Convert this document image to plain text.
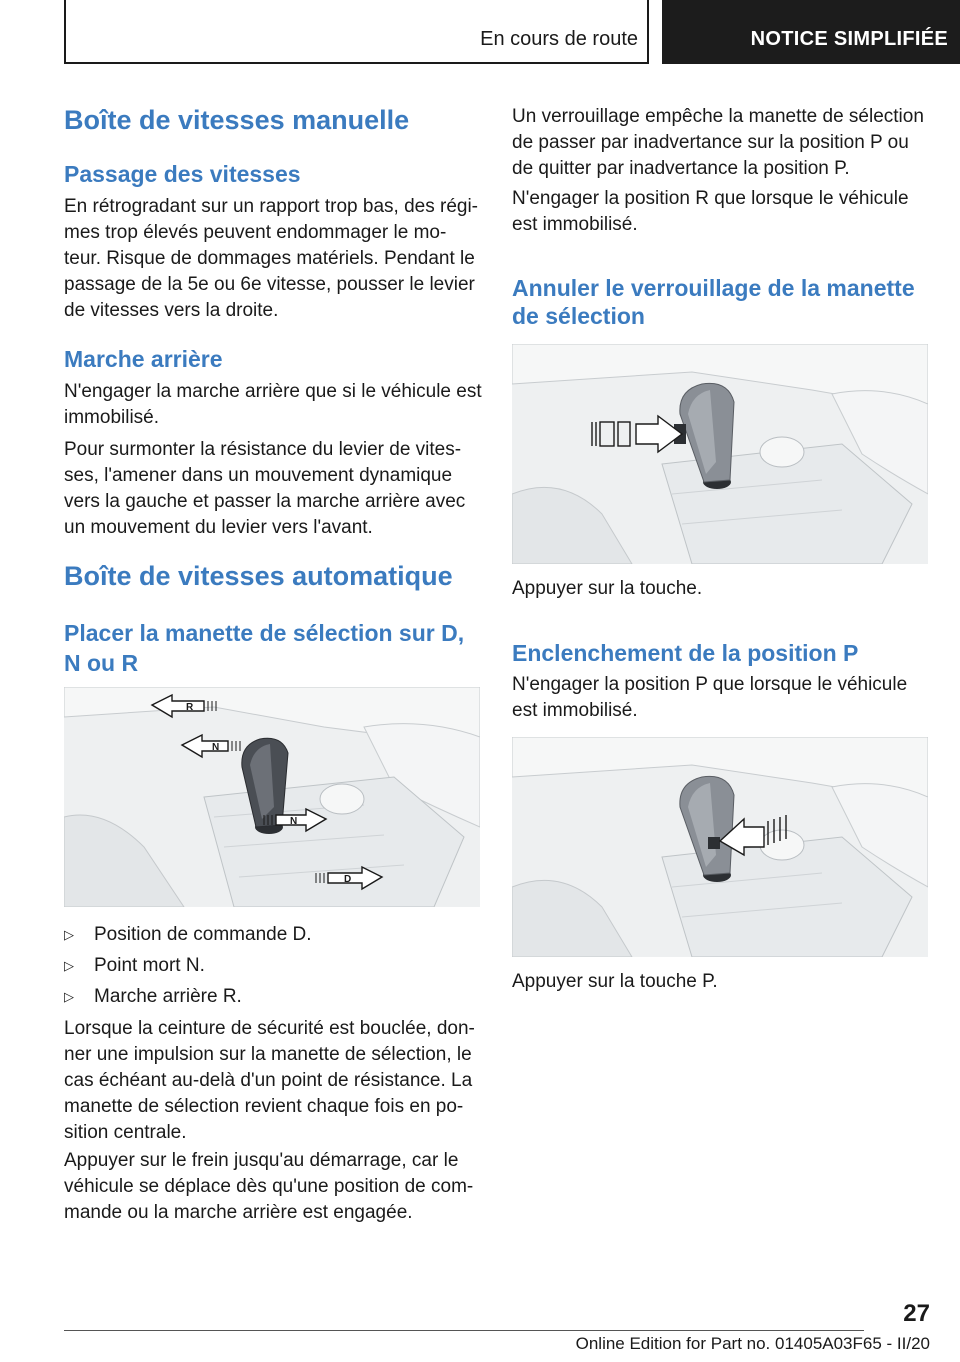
En cours de route	NOTICE SIMPLIFIÉE
Boîte de vitesses manuelle
Passage des vitesses

En rétrogradant sur un rapport trop bas, des régi-
mes trop élevés peuvent endommager le mo-
teur. Risque de dommages matériels. Pendant le
passage de la 5e ou 6e vitesse, pousser le levier
de vitesses vers la droite.

Marche arrière

N'engager la marche arrière que si le véhicule est
immobilisé.

Pour surmonter la résistance du levier de vites-
ses, l'amener dans un mouvement dynamique
vers la gauche et passer la marche arrière avec
un mouvement du levier vers l'avant.

Boîte de vitesses automatique
Placer la manette de sélection sur D,
N ou R
R
N
N
D
▷	Position de commande D.
▷	Point mort N.
▷	Marche arrière R.

Lorsque la ceinture de sécurité est bouclée, don-
ner une impulsion sur la manette de sélection, le
cas échéant au-delà d'un point de résistance. La
manette de sélection revient chaque fois en po-
sition centrale.

Appuyer sur le frein jusqu'au démarrage, car le
véhicule se déplace dès qu'une position de com-
mande ou la marche arrière est engagée.

Un verrouillage empêche la manette de sélection
de passer par inadvertance sur la position P ou
de quitter par inadvertance la position P.

N'engager la position R que lorsque le véhicule
est immobilisé.

Annuler le verrouillage de la manette
de sélection

Appuyer sur la touche.

Enclenchement de la position P

N'engager la position P que lorsque le véhicule
est immobilisé.

Appuyer sur la touche P.

27
Online Edition for Part no. 01405A03F65 - II/20
